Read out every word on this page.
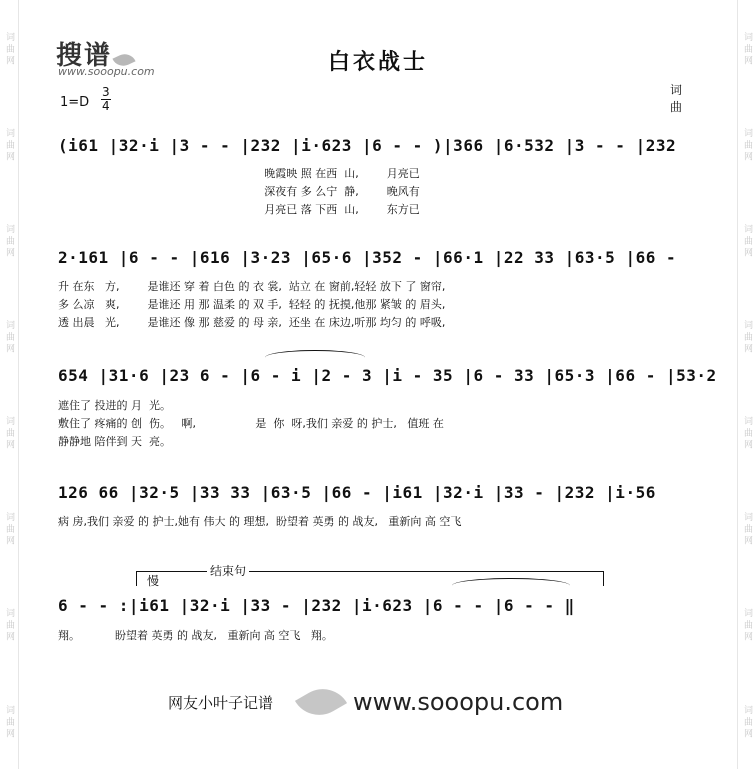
词 曲 网
词 曲 网
词 曲 网
词 曲 网
词 曲 网
词 曲 网
词 曲 网
词 曲 网
词 曲 网
词 曲 网
词 曲 网
词 曲 网
词 曲 网
词 曲 网
词 曲 网
词 曲 网
搜谱
www.sooopu.com	白衣战士
1=D
3
4
词
曲
(i61 |32·i |3 - - |232 |i·623 |6 - - )|366 |6·532 |3 - - |232
晚霞映 照 在西  山,        月亮已
深夜有 多 么宁  静,        晚风有
月亮已 落 下西  山,        东方已
2·161 |6 - - |616 |3·23 |65·6 |352 - |66·1 |22 33 |63·5 |66 -
升 在东   方,        是谁还 穿 着 白色 的 衣 裳,  站立 在 窗前,轻轻 放下 了 窗帘,
多 么凉   爽,        是谁还 用 那 温柔 的 双 手,  轻轻 的 抚摸,他那 紧皱 的 眉头,
透 出晨   光,        是谁还 像 那 慈爱 的 母 亲,  还坐 在 床边,听那 均匀 的 呼吸,
654 |31·6 |23 6 - |6 - i |2 - 3 |i - 35 |6 - 33 |65·3 |66 - |53·2
遮住了 投进的 月  光。
敷住了 疼痛的 创  伤。   啊,                 是  你  呀,我们 亲爱 的 护士,   值班 在
静静地 陪伴到 天  亮。
126 66 |32·5 |33 33 |63·5 |66 - |i61 |32·i |33 - |232 |i·56
病 房,我们 亲爱 的 护士,她有 伟大 的 理想,  盼望着 英勇 的 战友,   重新向 高 空飞
结束句
慢
6 - - :|i61 |32·i |33 - |232 |i·623 |6 - - |6 - - ‖
翔。          盼望着 英勇 的 战友,   重新向 高 空飞   翔。
网友小叶子记谱	www.sooopu.com
